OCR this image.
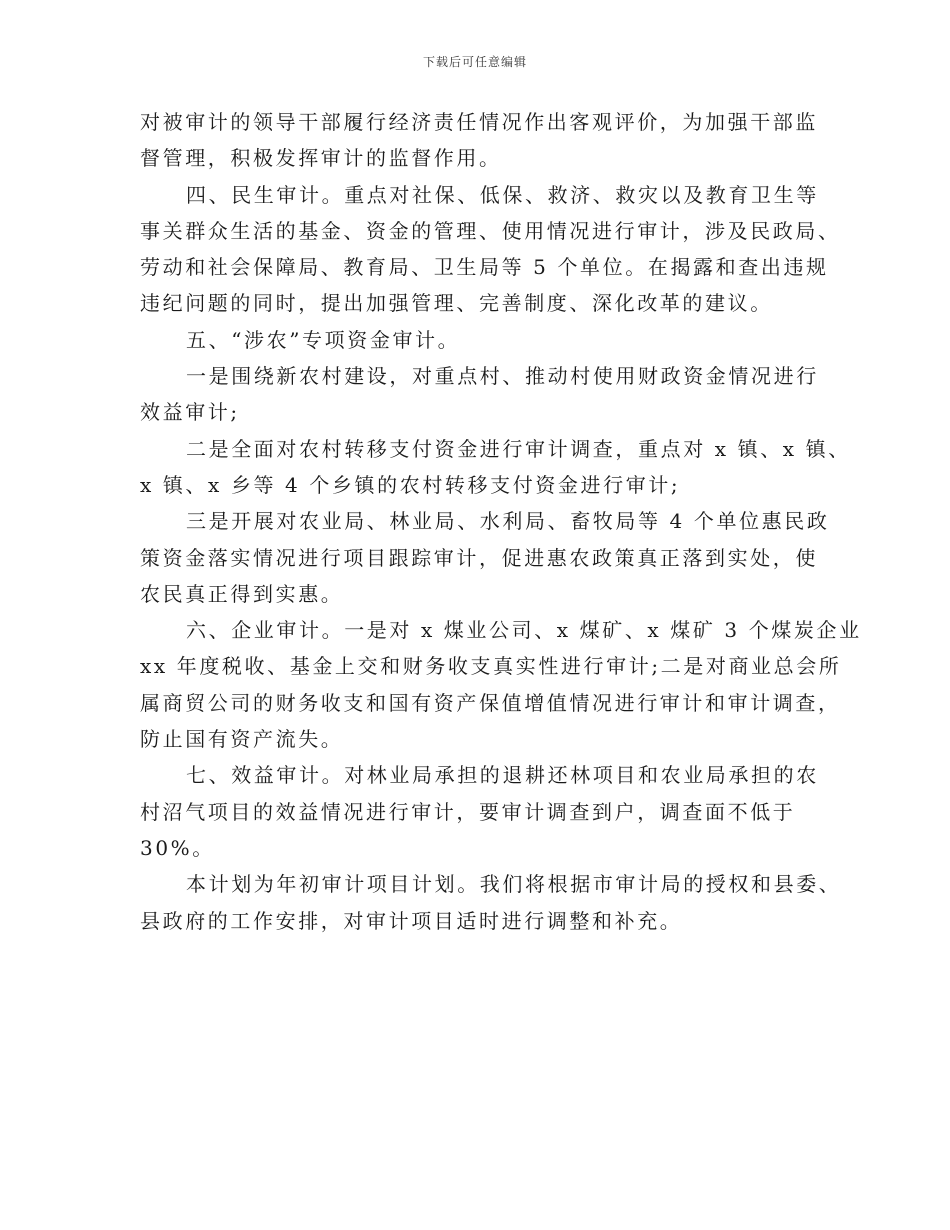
下载后可任意编辑
对被审计的领导干部履行经济责任情况作出客观评价，为加强干部监
督管理，积极发挥审计的监督作用。
四、民生审计。重点对社保、低保、救济、救灾以及教育卫生等
事关群众生活的基金、资金的管理、使用情况进行审计，涉及民政局、
劳动和社会保障局、教育局、卫生局等 5 个单位。在揭露和查出违规
违纪问题的同时，提出加强管理、完善制度、深化改革的建议。
五、“涉农”专项资金审计。
一是围绕新农村建设，对重点村、推动村使用财政资金情况进行
效益审计;
二是全面对农村转移支付资金进行审计调查，重点对 x 镇、x 镇、
x 镇、x 乡等 4 个乡镇的农村转移支付资金进行审计;
三是开展对农业局、林业局、水利局、畜牧局等 4 个单位惠民政
策资金落实情况进行项目跟踪审计，促进惠农政策真正落到实处，使
农民真正得到实惠。
六、企业审计。一是对 x 煤业公司、x 煤矿、x 煤矿 3 个煤炭企业
xx 年度税收、基金上交和财务收支真实性进行审计;二是对商业总会所
属商贸公司的财务收支和国有资产保值增值情况进行审计和审计调查，
防止国有资产流失。
七、效益审计。对林业局承担的退耕还林项目和农业局承担的农
村沼气项目的效益情况进行审计，要审计调查到户，调查面不低于
30%。
本计划为年初审计项目计划。我们将根据市审计局的授权和县委、
县政府的工作安排，对审计项目适时进行调整和补充。
